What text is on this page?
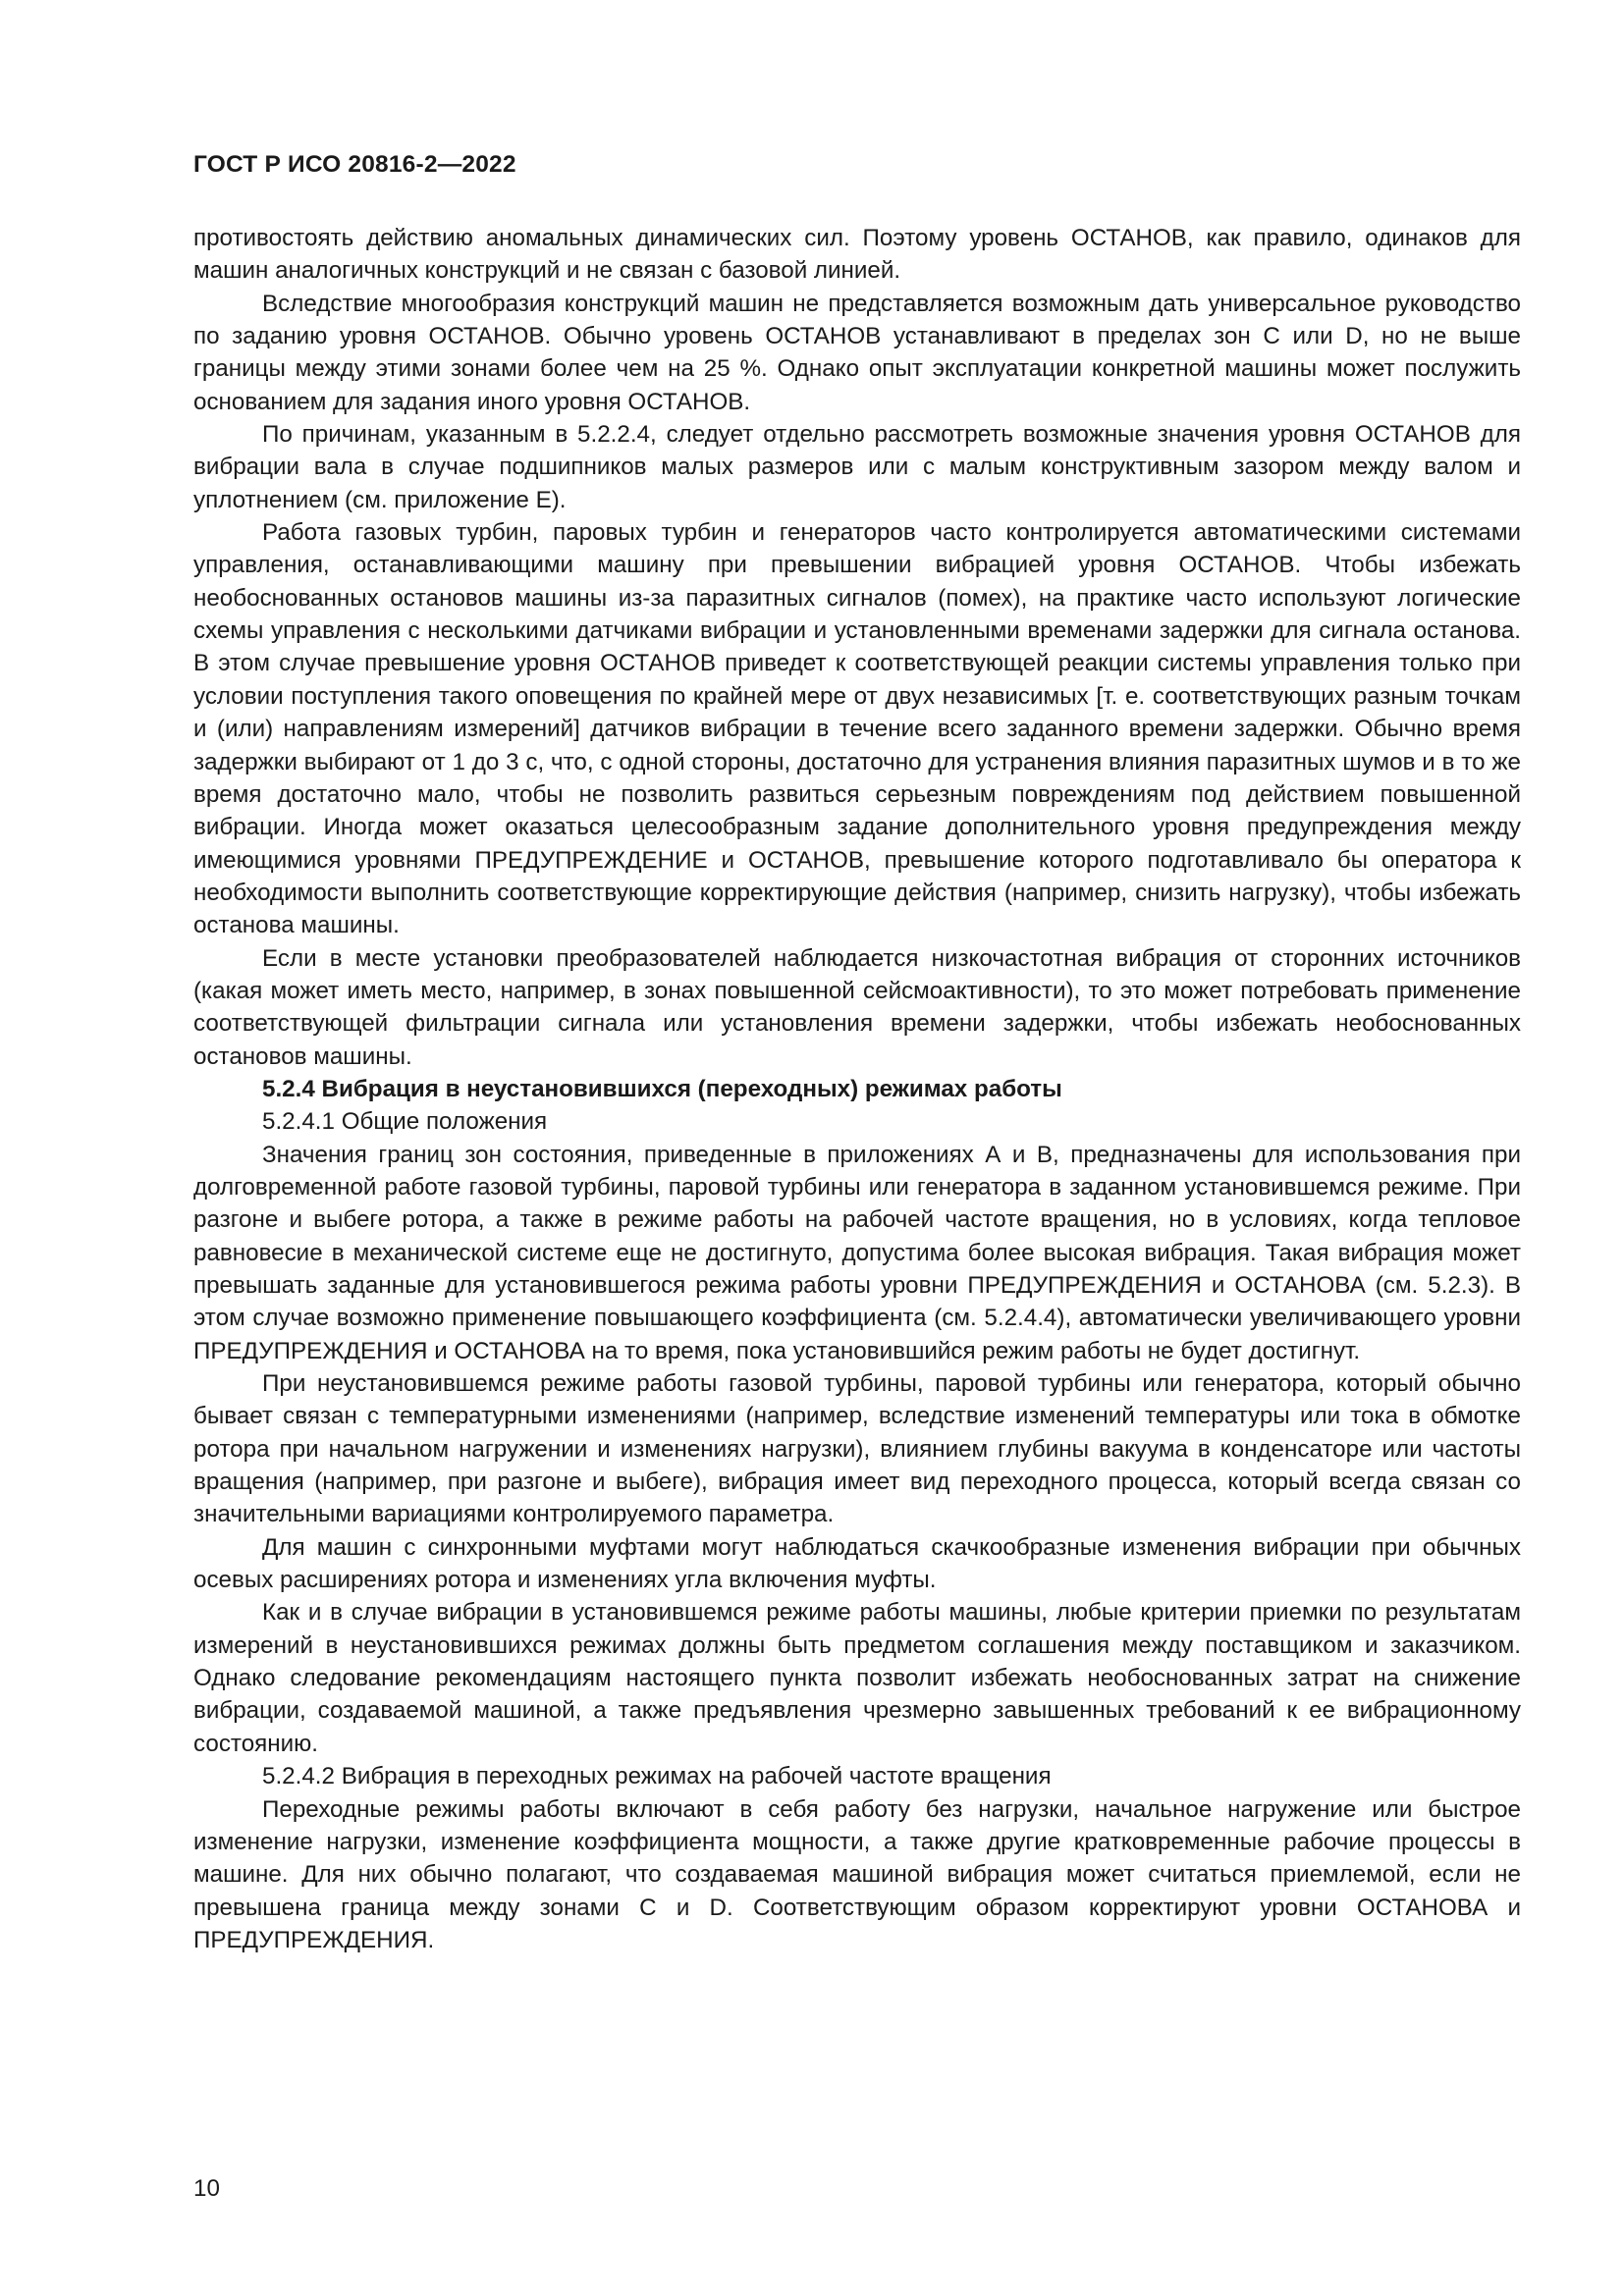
ГОСТ Р ИСО 20816-2—2022

противостоять действию аномальных динамических сил. Поэтому уровень ОСТАНОВ, как правило, одинаков для машин аналогичных конструкций и не связан с базовой линией.

Вследствие многообразия конструкций машин не представляется возможным дать универсальное руководство по заданию уровня ОСТАНОВ. Обычно уровень ОСТАНОВ устанавливают в пределах зон С или D, но не выше границы между этими зонами более чем на 25 %. Однако опыт эксплуатации конкретной машины может послужить основанием для задания иного уровня ОСТАНОВ.

По причинам, указанным в 5.2.2.4, следует отдельно рассмотреть возможные значения уровня ОСТАНОВ для вибрации вала в случае подшипников малых размеров или с малым конструктивным зазором между валом и уплотнением (см. приложение Е).

Работа газовых турбин, паровых турбин и генераторов часто контролируется автоматическими системами управления, останавливающими машину при превышении вибрацией уровня ОСТАНОВ. Чтобы избежать необоснованных остановов машины из-за паразитных сигналов (помех), на практике часто используют логические схемы управления с несколькими датчиками вибрации и установленными временами задержки для сигнала останова. В этом случае превышение уровня ОСТАНОВ приведет к соответствующей реакции системы управления только при условии поступления такого оповещения по крайней мере от двух независимых [т. е. соответствующих разным точкам и (или) направлениям измерений] датчиков вибрации в течение всего заданного времени задержки. Обычно время задержки выбирают от 1 до 3 с, что, с одной стороны, достаточно для устранения влияния паразитных шумов и в то же время достаточно мало, чтобы не позволить развиться серьезным повреждениям под действием повышенной вибрации. Иногда может оказаться целесообразным задание дополнительного уровня предупреждения между имеющимися уровнями ПРЕДУПРЕЖДЕНИЕ и ОСТАНОВ, превышение которого подготавливало бы оператора к необходимости выполнить соответствующие корректирующие действия (например, снизить нагрузку), чтобы избежать останова машины.

Если в месте установки преобразователей наблюдается низкочастотная вибрация от сторонних источников (какая может иметь место, например, в зонах повышенной сейсмоактивности), то это может потребовать применение соответствующей фильтрации сигнала или установления времени задержки, чтобы избежать необоснованных остановов машины.

5.2.4 Вибрация в неустановившихся (переходных) режимах работы

5.2.4.1 Общие положения

Значения границ зон состояния, приведенные в приложениях А и В, предназначены для использования при долговременной работе газовой турбины, паровой турбины или генератора в заданном установившемся режиме. При разгоне и выбеге ротора, а также в режиме работы на рабочей частоте вращения, но в условиях, когда тепловое равновесие в механической системе еще не достигнуто, допустима более высокая вибрация. Такая вибрация может превышать заданные для установившегося режима работы уровни ПРЕДУПРЕЖДЕНИЯ и ОСТАНОВА (см. 5.2.3). В этом случае возможно применение повышающего коэффициента (см. 5.2.4.4), автоматически увеличивающего уровни ПРЕДУПРЕЖДЕНИЯ и ОСТАНОВА на то время, пока установившийся режим работы не будет достигнут.

При неустановившемся режиме работы газовой турбины, паровой турбины или генератора, который обычно бывает связан с температурными изменениями (например, вследствие изменений температуры или тока в обмотке ротора при начальном нагружении и изменениях нагрузки), влиянием глубины вакуума в конденсаторе или частоты вращения (например, при разгоне и выбеге), вибрация имеет вид переходного процесса, который всегда связан со значительными вариациями контролируемого параметра.

Для машин с синхронными муфтами могут наблюдаться скачкообразные изменения вибрации при обычных осевых расширениях ротора и изменениях угла включения муфты.

Как и в случае вибрации в установившемся режиме работы машины, любые критерии приемки по результатам измерений в неустановившихся режимах должны быть предметом соглашения между поставщиком и заказчиком. Однако следование рекомендациям настоящего пункта позволит избежать необоснованных затрат на снижение вибрации, создаваемой машиной, а также предъявления чрезмерно завышенных требований к ее вибрационному состоянию.

5.2.4.2 Вибрация в переходных режимах на рабочей частоте вращения

Переходные режимы работы включают в себя работу без нагрузки, начальное нагружение или быстрое изменение нагрузки, изменение коэффициента мощности, а также другие кратковременные рабочие процессы в машине. Для них обычно полагают, что создаваемая машиной вибрация может считаться приемлемой, если не превышена граница между зонами С и D. Соответствующим образом корректируют уровни ОСТАНОВА и ПРЕДУПРЕЖДЕНИЯ.

10
